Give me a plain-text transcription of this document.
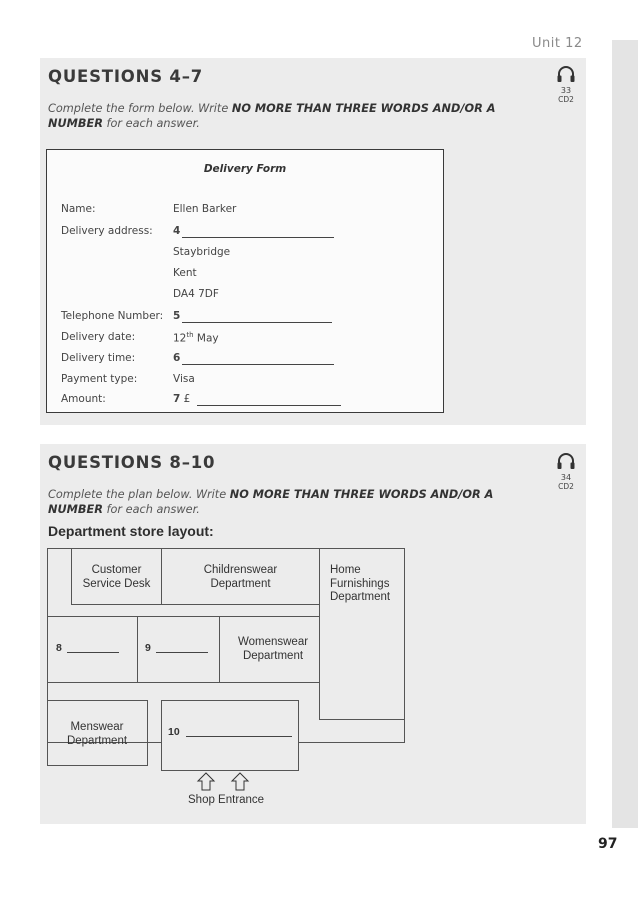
Unit 12
QUESTIONS 4–7
33
CD2
Complete the form below. Write NO MORE THAN THREE WORDS AND/OR A NUMBER for each answer.
Delivery Form
Name:	Ellen Barker
Delivery address: 4
Staybridge
Kent
DA4 7DF
Telephone Number: 5
Delivery date:	12th May
Delivery time:	6
Payment type:	Visa
Amount:	7 £
QUESTIONS 8–10
34
CD2
Complete the plan below. Write NO MORE THAN THREE WORDS AND/OR A NUMBER for each answer.
Department store layout:
Customer
Service Desk
Childrenswear
Department
Home
Furnishings
Department
8	9	Womenswear
Department
Menswear
Department
10
Shop Entrance
97
